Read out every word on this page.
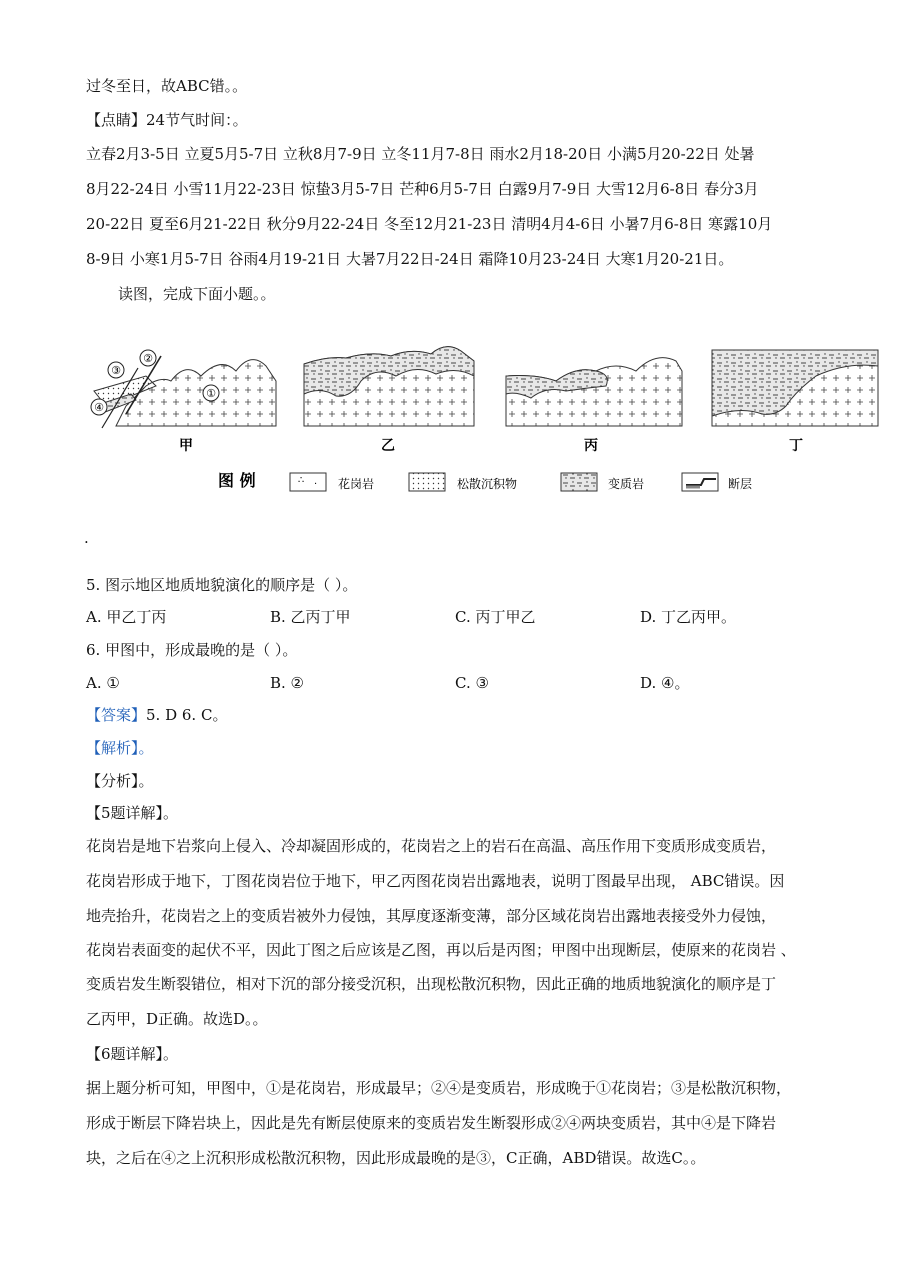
过冬至日，故ABC错。。
【点睛】24节气时间：。
立春2月3-5日 立夏5月5-7日 立秋8月7-9日 立冬11月7-8日 雨水2月18-20日 小满5月20-22日 处暑
8月22-24日 小雪11月22-23日 惊蛰3月5-7日 芒种6月5-7日 白露9月7-9日 大雪12月6-8日 春分3月
20-22日 夏至6月21-22日 秋分9月22-24日 冬至12月21-23日 清明4月4-6日 小暑7月6-8日 寒露10月
8-9日 小寒1月5-7日 谷雨4月19-21日 大暑7月22日-24日 霜降10月23-24日 大寒1月20-21日。
读图，完成下面小题。。
③
②
①
④
甲	乙	丙	丁
图 例	∴ · 花岗岩	松散沉积物	变质岩	断层
.
5. 图示地区地质地貌演化的顺序是（ ）。
A. 甲乙丁丙	B. 乙丙丁甲	C. 丙丁甲乙	D. 丁乙丙甲。
6. 甲图中，形成最晚的是（ ）。
A. ①	B. ②	C. ③	D. ④。
【答案】5. D 6. C。
【解析】。
【分析】。
【5题详解】。
花岗岩是地下岩浆向上侵入、冷却凝固形成的，花岗岩之上的岩石在高温、高压作用下变质形成变质岩，
花岗岩形成于地下，丁图花岗岩位于地下，甲乙丙图花岗岩出露地表，说明丁图最早出现， ABC错误。因
地壳抬升，花岗岩之上的变质岩被外力侵蚀，其厚度逐渐变薄，部分区域花岗岩出露地表接受外力侵蚀，
花岗岩表面变的起伏不平，因此丁图之后应该是乙图，再以后是丙图；甲图中出现断层，使原来的花岗岩 、
变质岩发生断裂错位，相对下沉的部分接受沉积，出现松散沉积物，因此正确的地质地貌演化的顺序是丁
乙丙甲，D正确。故选D。。
【6题详解】。
据上题分析可知，甲图中，①是花岗岩，形成最早；②④是变质岩，形成晚于①花岗岩；③是松散沉积物，
形成于断层下降岩块上，因此是先有断层使原来的变质岩发生断裂形成②④两块变质岩，其中④是下降岩
块，之后在④之上沉积形成松散沉积物，因此形成最晚的是③，C正确，ABD错误。故选C。。
